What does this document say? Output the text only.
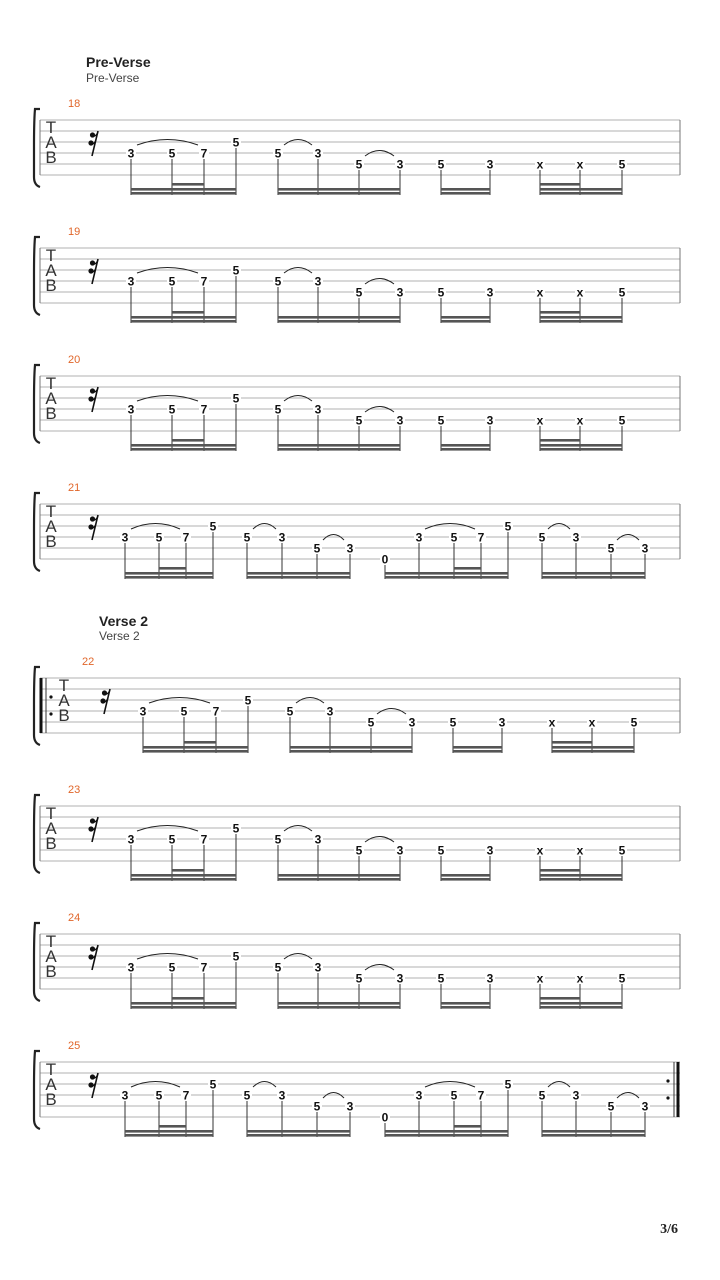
Pre-Verse
Pre-Verse
Verse 2
Verse 2
18
T
A
B	3	5 7
5
5	3
5	3	5	3	x	x	5
19
T
A
B	3	5 7
5
5	3
5	3	5	3	x	x	5
20
T
A
B	3	5 7
5
5	3
5	3	5	3	x	x	5
21
T
A
B	3 5 7
5
5 3
5 3
0
3 5 7
5
5 3
5 3
22
T
A
B	3	5 7
5
5	3
5	3	5	3	x	x	5
23
T
A
B	3	5 7
5
5	3
5	3	5	3	x	x	5
24
T
A
B	3	5 7
5
5	3
5	3	5	3	x	x	5
25
T
A
B	3 5 7
5
5 3
5 3
0
3 5 7
5
5 3
5 3
3/6
